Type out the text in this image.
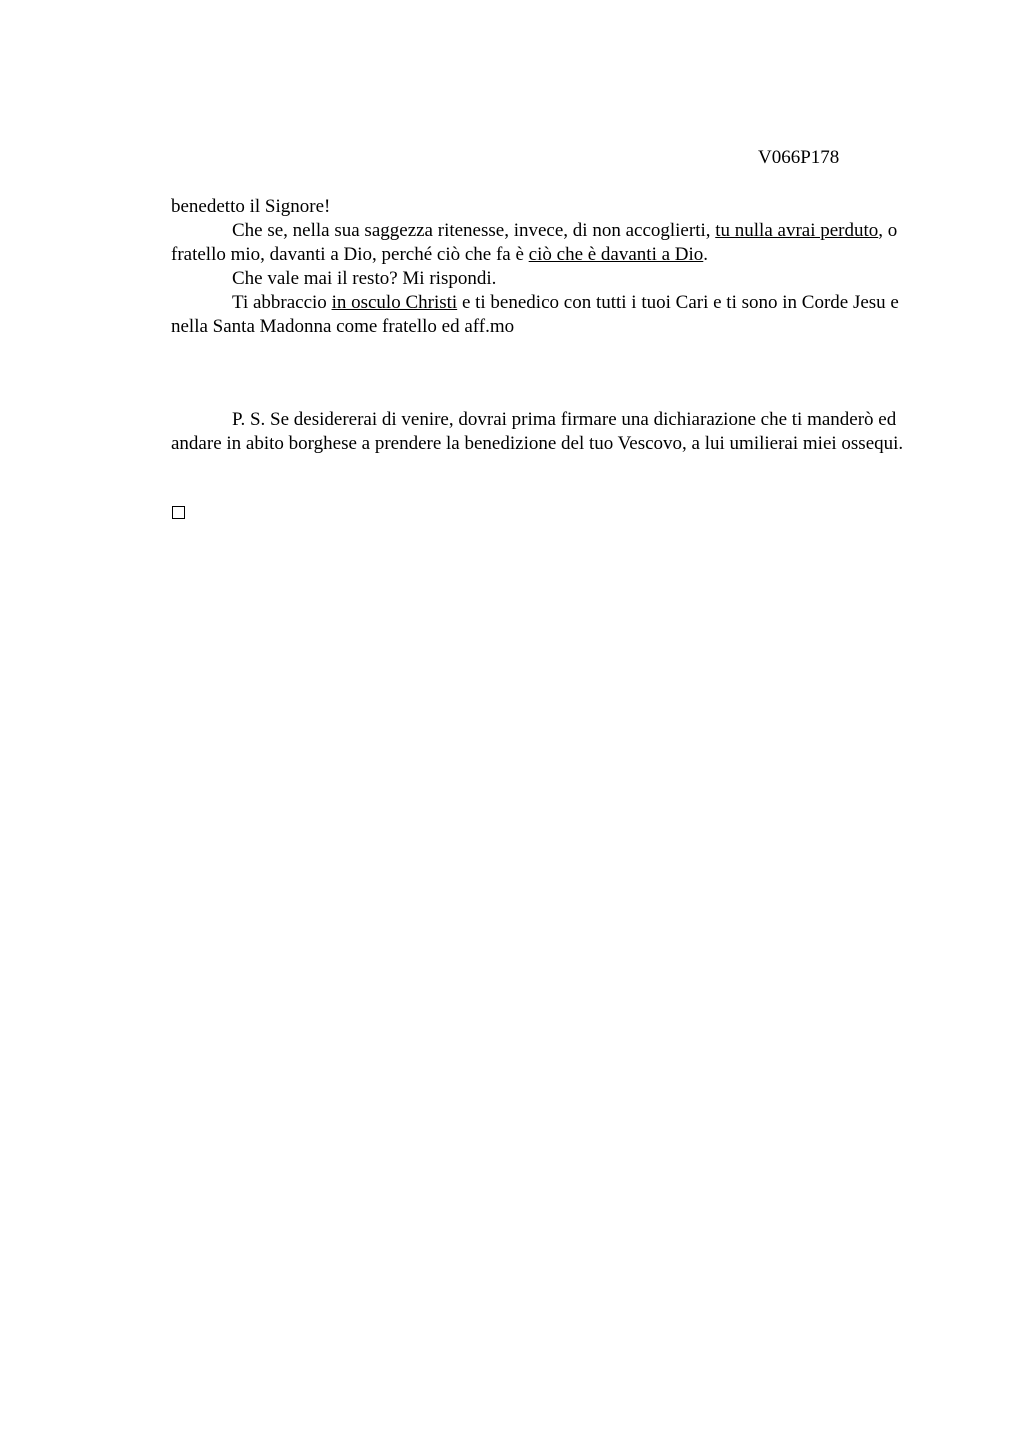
V066P178

benedetto il Signore!

Che se, nella sua saggezza ritenesse, invece, di non accoglierti, tu nulla avrai perduto, o fratello mio, davanti a Dio, perché ciò che fa è ciò che è davanti a Dio.

Che vale mai il resto? Mi rispondi.

Ti abbraccio in osculo Christi e ti benedico con tutti i tuoi Cari e ti sono in Corde Jesu e nella Santa Madonna come fratello ed aff.mo

P. S. Se desidererai di venire, dovrai prima firmare una dichiarazione che ti manderò ed andare in abito borghese a prendere la benedizione del tuo Vescovo, a lui umilierai miei ossequi.
